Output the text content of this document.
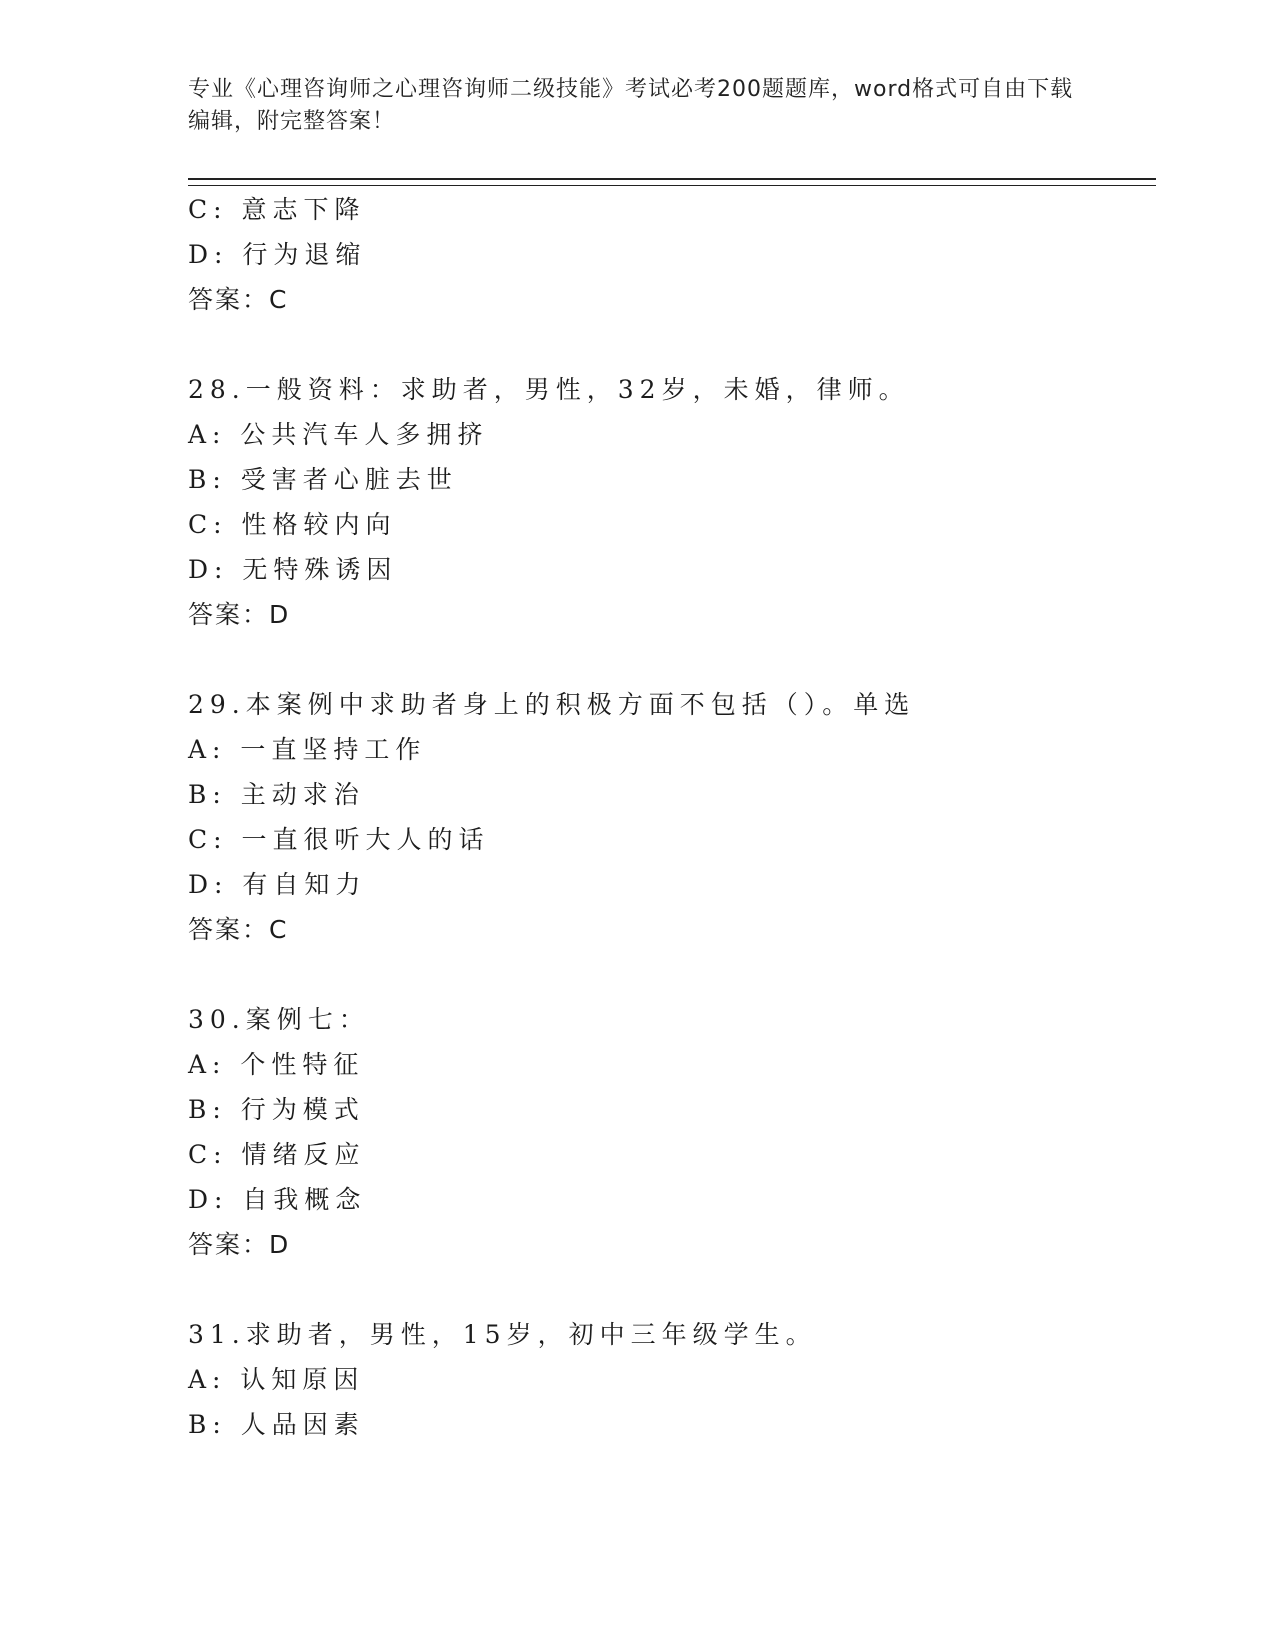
专业《心理咨询师之心理咨询师二级技能》考试必考200题题库，word格式可自由下载编辑，附完整答案！
C: 意志下降
D: 行为退缩
答案：C
28.一般资料：求助者，男性，32岁，未婚，律师。
A: 公共汽车人多拥挤
B: 受害者心脏去世
C: 性格较内向
D: 无特殊诱因
答案：D
29.本案例中求助者身上的积极方面不包括（）。单选
A: 一直坚持工作
B: 主动求治
C: 一直很听大人的话
D: 有自知力
答案：C
30.案例七：
A: 个性特征
B: 行为模式
C: 情绪反应
D: 自我概念
答案：D
31.求助者，男性，15岁，初中三年级学生。
A: 认知原因
B: 人品因素
